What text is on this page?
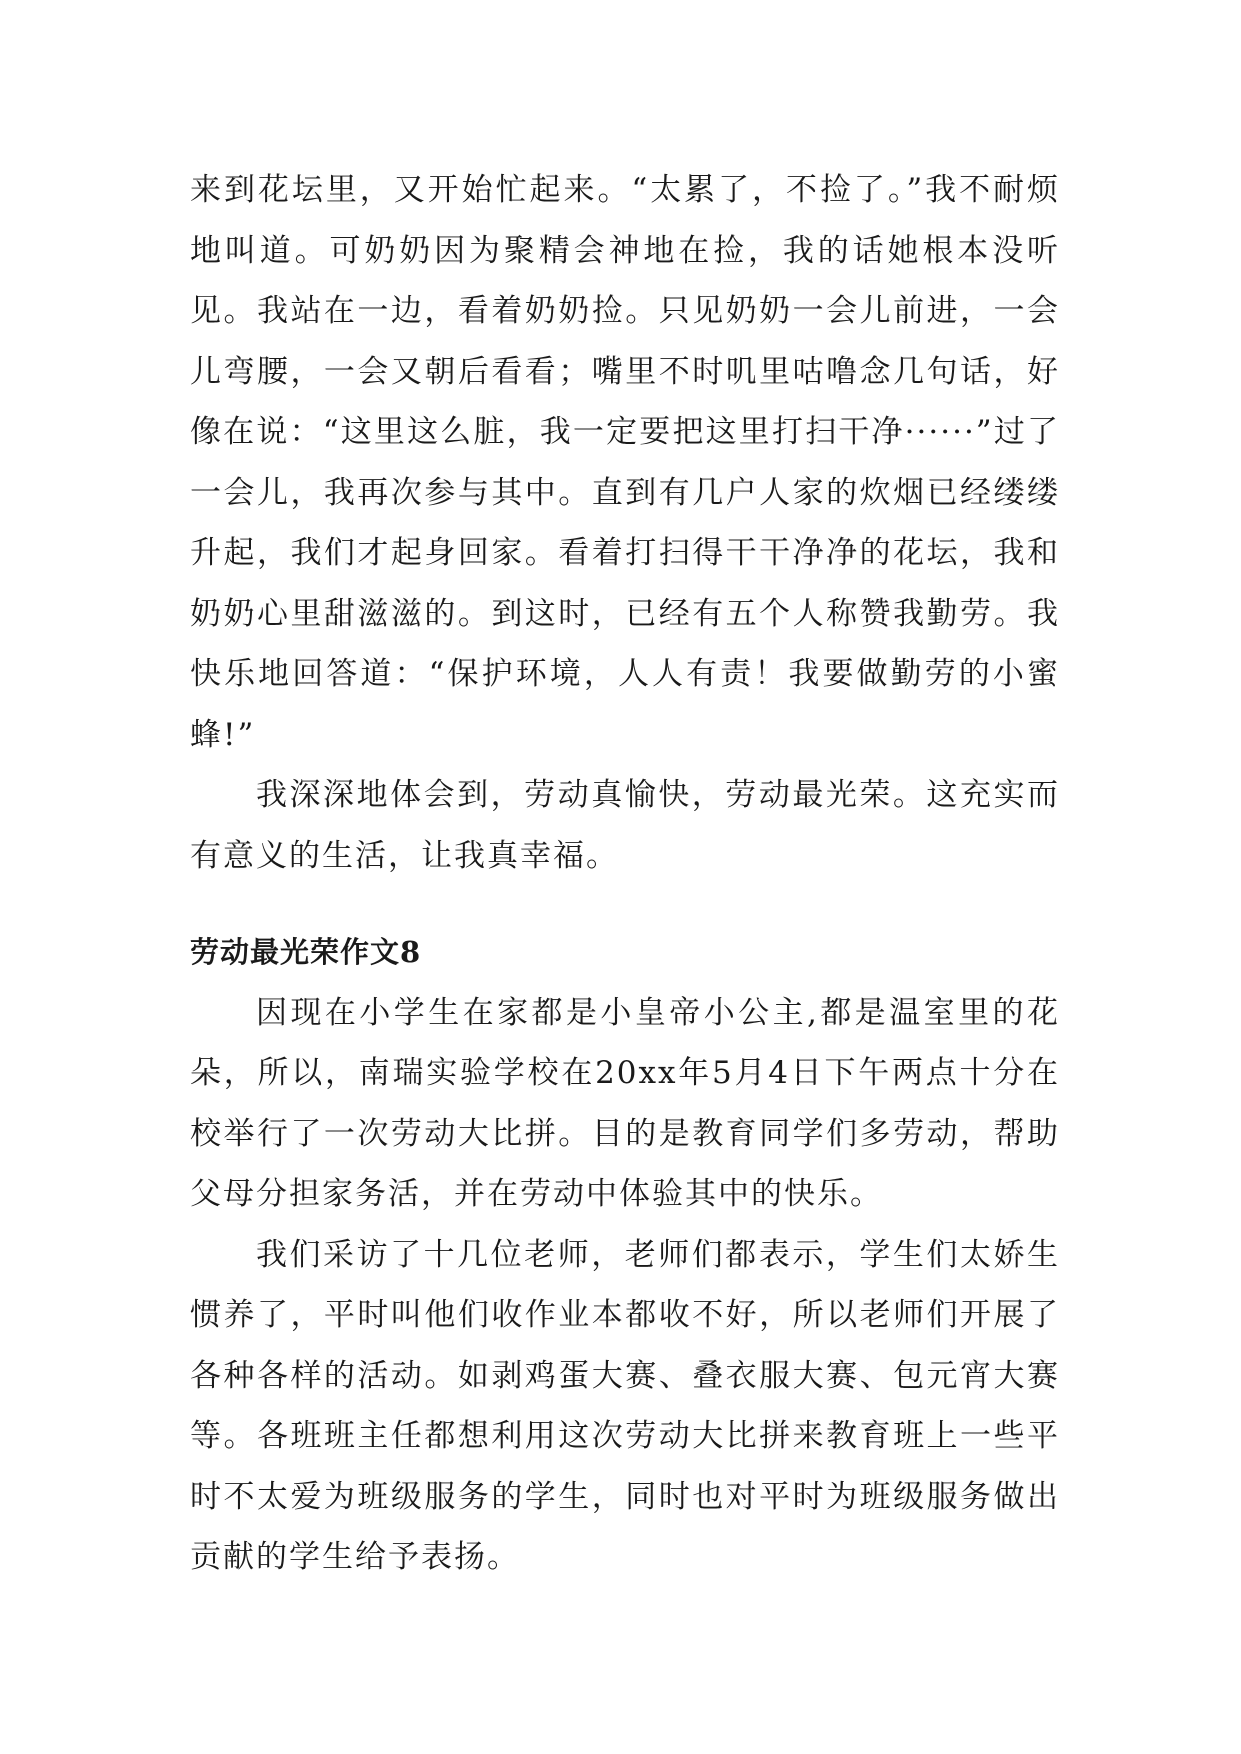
来到花坛里，又开始忙起来。“太累了，不捡了。”我不耐烦地叫道。可奶奶因为聚精会神地在捡，我的话她根本没听见。我站在一边，看着奶奶捡。只见奶奶一会儿前进，一会儿弯腰，一会又朝后看看；嘴里不时叽里咕噜念几句话，好像在说：“这里这么脏，我一定要把这里打扫干净······”过了一会儿，我再次参与其中。直到有几户人家的炊烟已经缕缕升起，我们才起身回家。看着打扫得干干净净的花坛，我和奶奶心里甜滋滋的。到这时，已经有五个人称赞我勤劳。我快乐地回答道：“保护环境，人人有责！我要做勤劳的小蜜蜂!”

我深深地体会到，劳动真愉快，劳动最光荣。这充实而有意义的生活，让我真幸福。

劳动最光荣作文8

因现在小学生在家都是小皇帝小公主,都是温室里的花朵，所以，南瑞实验学校在20xx年5月4日下午两点十分在校举行了一次劳动大比拼。目的是教育同学们多劳动，帮助父母分担家务活，并在劳动中体验其中的快乐。

我们采访了十几位老师，老师们都表示，学生们太娇生惯养了，平时叫他们收作业本都收不好，所以老师们开展了各种各样的活动。如剥鸡蛋大赛、叠衣服大赛、包元宵大赛等。各班班主任都想利用这次劳动大比拼来教育班上一些平时不太爱为班级服务的学生，同时也对平时为班级服务做出贡献的学生给予表扬。
